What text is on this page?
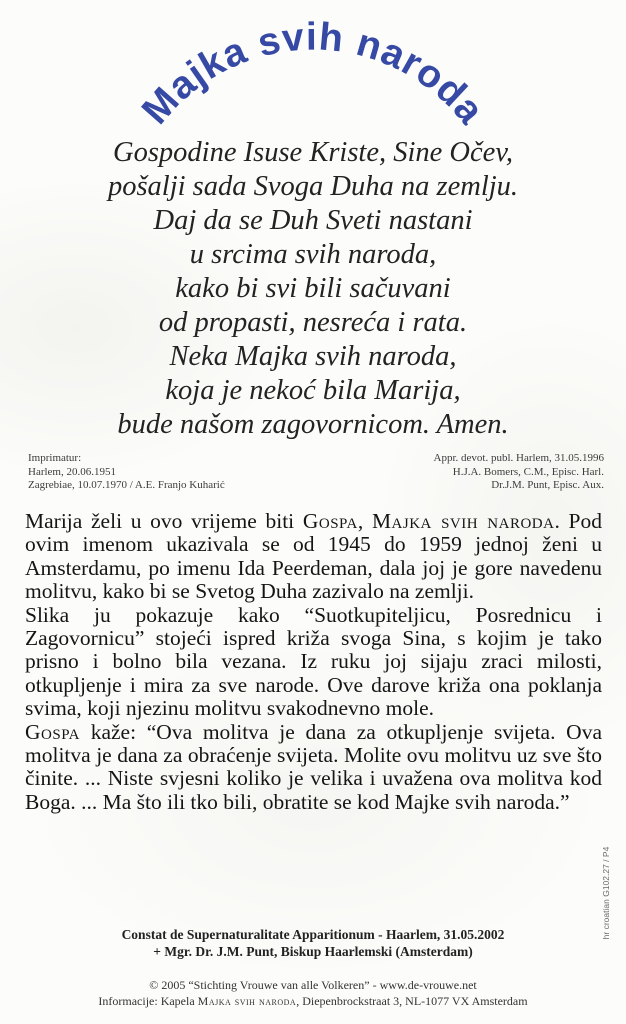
Majka svih naroda
Gospodine Isuse Kriste, Sine Očev,
pošalji sada Svoga Duha na zemlju.
Daj da se Duh Sveti nastani
u srcima svih naroda,
kako bi svi bili sačuvani
od propasti, nesreća i rata.
Neka Majka svih naroda,
koja je nekoć bila Marija,
bude našom zagovornicom. Amen.
Imprimatur:
Harlem, 20.06.1951
Zagrebiae, 10.07.1970 / A.E. Franjo Kuharić
Appr. devot. publ. Harlem, 31.05.1996
H.J.A. Bomers, C.M., Episc. Harl.
Dr.J.M. Punt, Episc. Aux.

Marija želi u ovo vrijeme biti Gospa, Majka svih naroda. Pod ovim imenom ukazivala se od 1945 do 1959 jednoj ženi u Amsterdamu, po imenu Ida Peerdeman, dala joj je gore navedenu molitvu, kako bi se Svetog Duha zazivalo na zemlji.

Slika ju pokazuje kako “Suotkupiteljicu, Posrednicu i Zagovornicu” stojeći ispred križa svoga Sina, s kojim je tako prisno i bolno bila vezana. Iz ruku joj sijaju zraci milosti, otkupljenje i mira za sve narode. Ove darove križa ona poklanja svima, koji njezinu molitvu svakodnevno mole.

Gospa kaže: “Ova molitva je dana za otkupljenje svijeta. Ova molitva je dana za obraćenje svijeta. Molite ovu molitvu uz sve što činite. ... Niste svjesni koliko je velika i uvažena ova molitva kod Boga. ... Ma što ili tko bili, obratite se kod Majke svih naroda.”

Constat de Supernaturalitate Apparitionum - Haarlem, 31.05.2002
+ Mgr. Dr. J.M. Punt, Biskup Haarlemski (Amsterdam)
© 2005 “Stichting Vrouwe van alle Volkeren” - www.de-vrouwe.net
Informacije: Kapela Majka svih naroda, Diepenbrockstraat 3, NL-1077 VX Amsterdam
hr croatian G102.27 / P4
